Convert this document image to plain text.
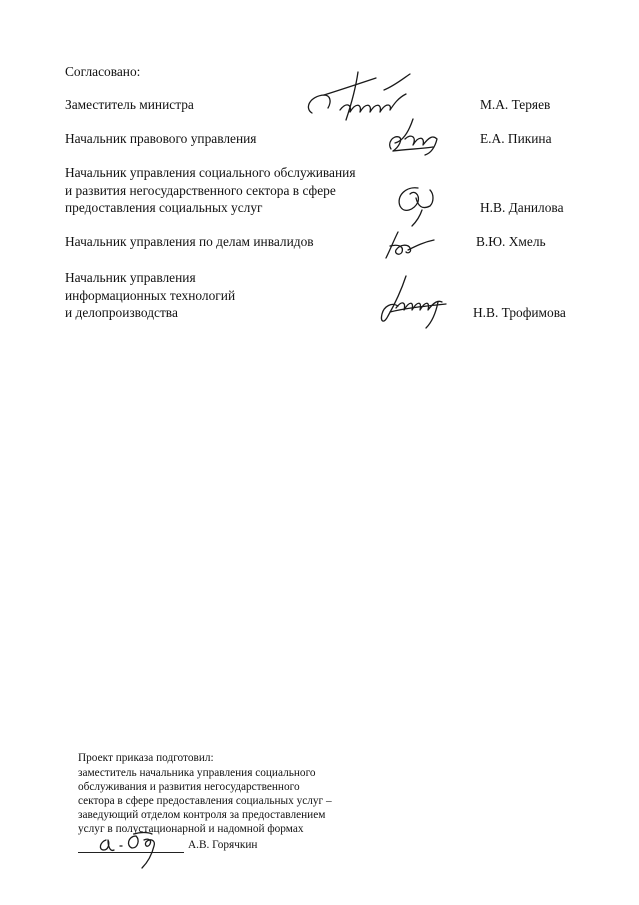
Согласовано:
Заместитель министра	М.А. Теряев
Начальник правового управления	Е.А. Пикина
Начальник управления социального обслуживания
и развития негосударственного сектора в сфере
предоставления социальных услуг	Н.В. Данилова
Начальник управления по делам инвалидов	В.Ю. Хмель
Начальник управления
информационных технологий
и делопроизводства	Н.В. Трофимова
Проект приказа подготовил:
заместитель начальника управления социального
обслуживания и развития негосударственного
сектора в сфере предоставления социальных услуг –
заведующий отделом контроля за предоставлением
услуг в полустационарной и надомной формах
А.В. Горячкин
